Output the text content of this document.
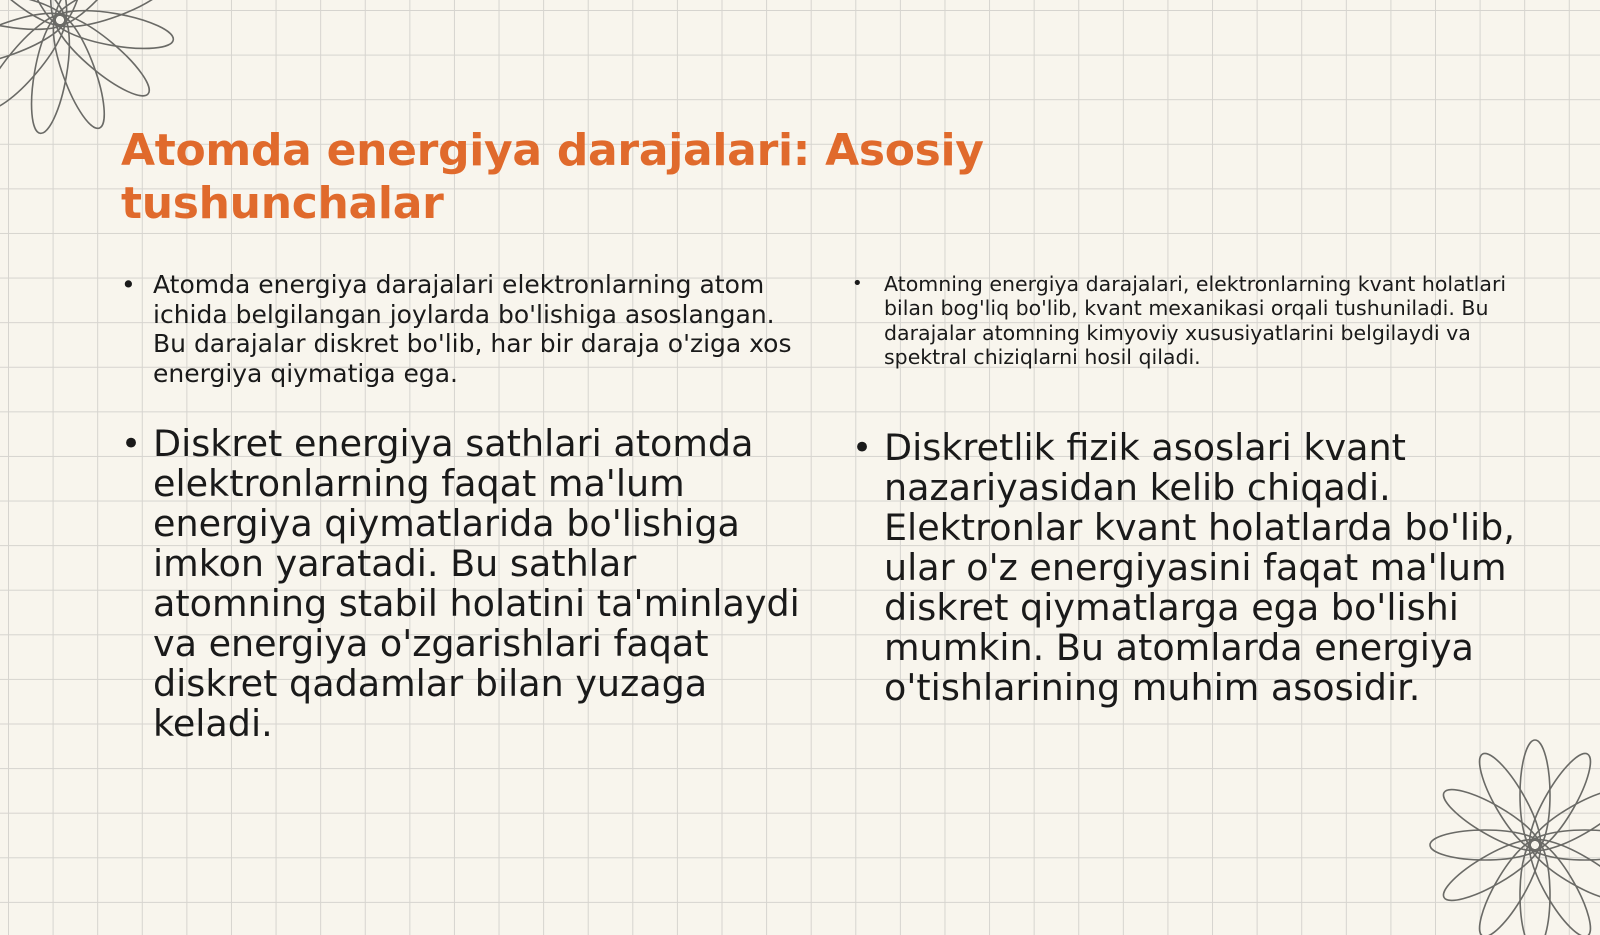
Atomda energiya darajalari: Asosiy tushunchalar
• Atomda energiya darajalari elektronlarning atom ichida belgilangan joylarda bo'lishiga asoslangan. Bu darajalar diskret bo'lib, har bir daraja o'ziga xos energiya qiymatiga ega.
• Diskret energiya sathlari atomda elektronlarning faqat ma'lum energiya qiymatlarida bo'lishiga imkon yaratadi. Bu sathlar atomning stabil holatini ta'minlaydi va energiya o'zgarishlari faqat diskret qadamlar bilan yuzaga keladi.
• Atomning energiya darajalari, elektronlarning kvant holatlari bilan bog'liq bo'lib, kvant mexanikasi orqali tushuniladi. Bu darajalar atomning kimyoviy xususiyatlarini belgilaydi va spektral chiziqlarni hosil qiladi.
• Diskretlik fizik asoslari kvant nazariyasidan kelib chiqadi. Elektronlar kvant holatlarda bo'lib, ular o'z energiyasini faqat ma'lum diskret qiymatlarga ega bo'lishi mumkin. Bu atomlarda energiya o'tishlarining muhim asosidir.
